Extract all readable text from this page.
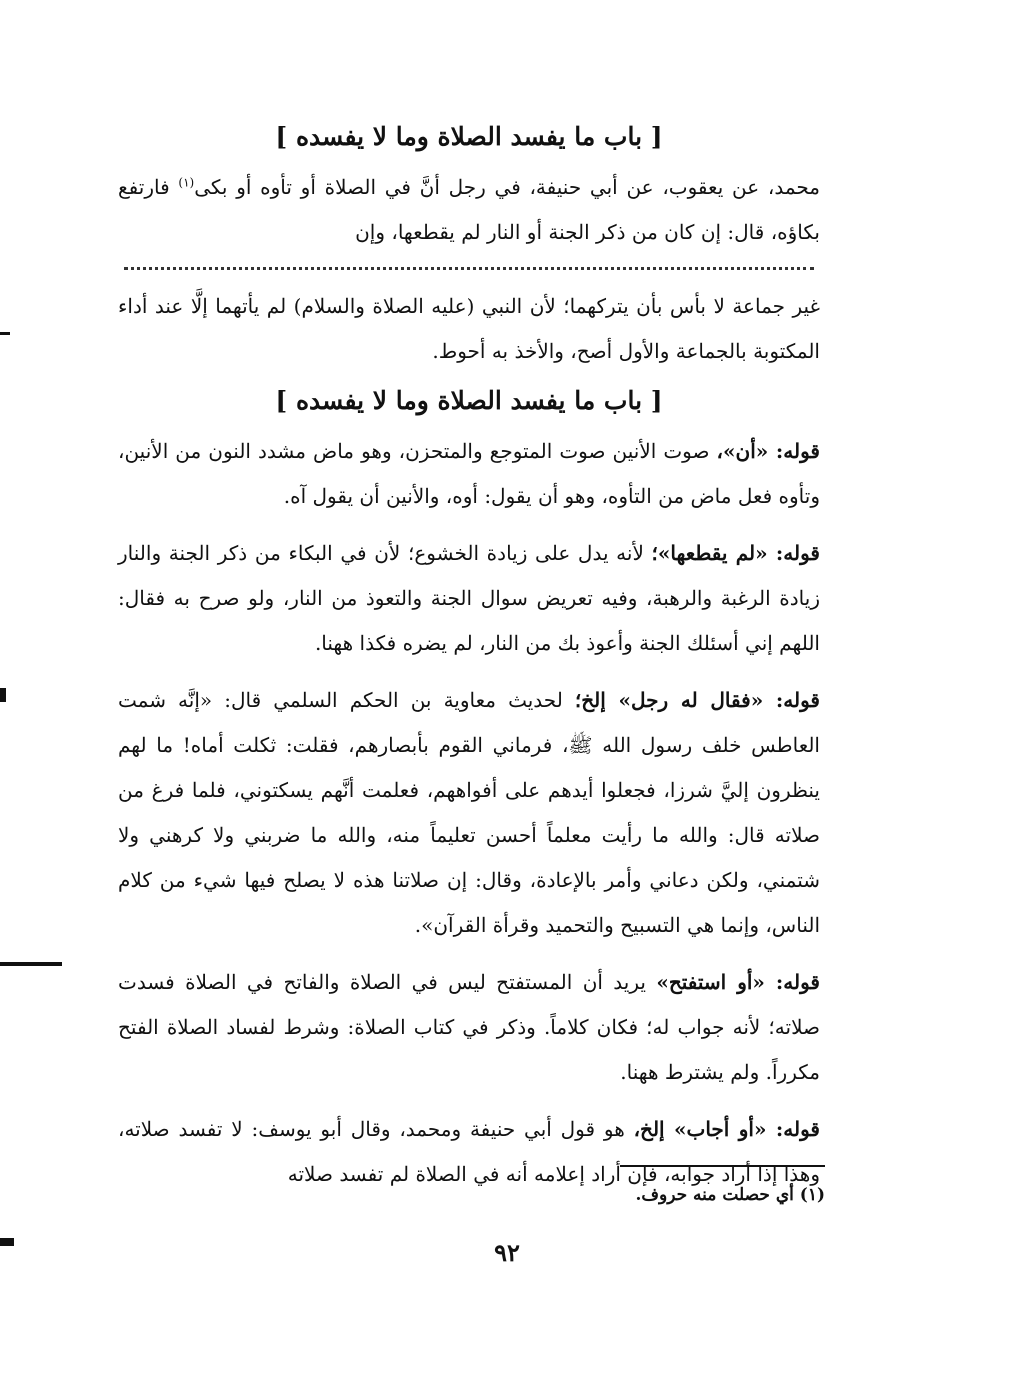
[ باب ما يفسد الصلاة وما لا يفسده ]

محمد، عن يعقوب، عن أبي حنيفة، في رجل أنَّ في الصلاة أو تأوه أو بكى$^{(١)}$ فارتفع بكاؤه، قال: إن كان من ذكر الجنة أو النار لم يقطعها، وإن

غير جماعة لا بأس بأن يتركهما؛ لأن النبي (عليه الصلاة والسلام) لم يأتهما إلَّا عند أداء المكتوبة بالجماعة والأول أصح، والأخذ به أحوط.

[ باب ما يفسد الصلاة وما لا يفسده ]

قوله: «أن»، صوت الأنين صوت المتوجع والمتحزن، وهو ماض مشدد النون من الأنين، وتأوه فعل ماض من التأوه، وهو أن يقول: أوه، والأنين أن يقول آه.

قوله: «لم يقطعها»؛ لأنه يدل على زيادة الخشوع؛ لأن في البكاء من ذكر الجنة والنار زيادة الرغبة والرهبة، وفيه تعريض سوال الجنة والتعوذ من النار، ولو صرح به فقال: اللهم إني أسئلك الجنة وأعوذ بك من النار، لم يضره فكذا ههنا.

قوله: «فقال له رجل» إلخ؛ لحديث معاوية بن الحكم السلمي قال: «إنَّه شمت العاطس خلف رسول الله ﷺ، فرماني القوم بأبصارهم، فقلت: ثكلت أماه! ما لهم ينظرون إليَّ شرزا، فجعلوا أيدهم على أفواههم، فعلمت أنَّهم يسكتوني، فلما فرغ من صلاته قال: والله ما رأيت معلماً أحسن تعليماً منه، والله ما ضربني ولا كرهني ولا شتمني، ولكن دعاني وأمر بالإعادة، وقال: إن صلاتنا هذه لا يصلح فيها شيء من كلام الناس، وإنما هي التسبيح والتحميد وقرأة القرآن».

قوله: «أو استفتح» يريد أن المستفتح ليس في الصلاة والفاتح في الصلاة فسدت صلاته؛ لأنه جواب له؛ فكان كلاماً. وذكر في كتاب الصلاة: وشرط لفساد الصلاة الفتح مكرراً. ولم يشترط ههنا.

قوله: «أو أجاب» إلخ، هو قول أبي حنيفة ومحمد، وقال أبو يوسف: لا تفسد صلاته، وهذا إذا أراد جوابه، فإن أراد إعلامه أنه في الصلاة لم تفسد صلاته

(١) أي حصلت منه حروف.
٩٢
